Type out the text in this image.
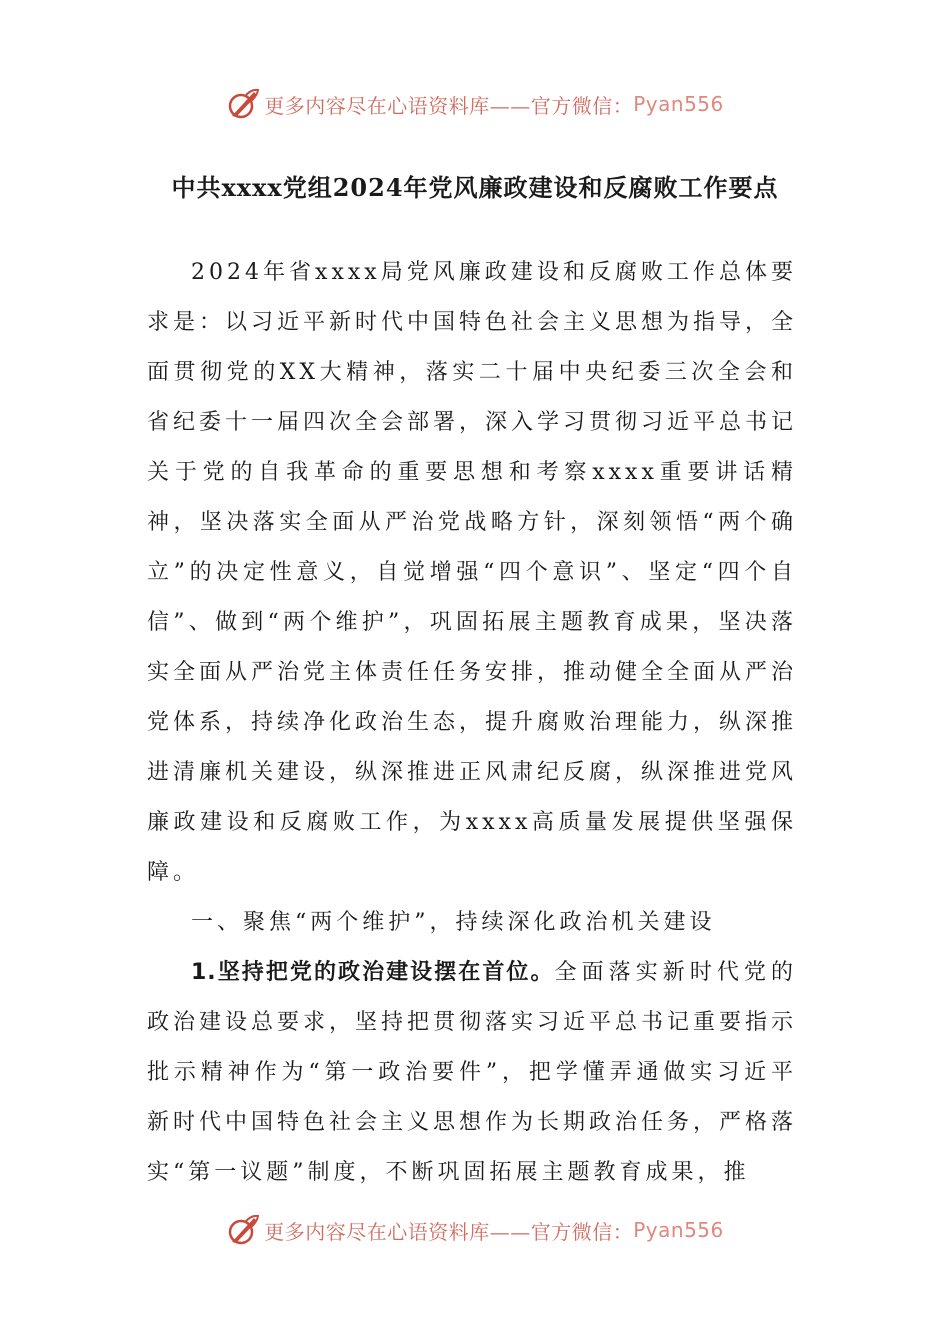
更多内容尽在心语资料库——官方微信： Pyan556
中共xxxx党组2024年党风廉政建设和反腐败工作要点

2024年省xxxx局党风廉政建设和反腐败工作总体要求是：以习近平新时代中国特色社会主义思想为指导，全面贯彻党的XX大精神，落实二十届中央纪委三次全会和省纪委十一届四次全会部署，深入学习贯彻习近平总书记关于党的自我革命的重要思想和考察xxxx重要讲话精神，坚决落实全面从严治党战略方针，深刻领悟“两个确立”的决定性意义，自觉增强“四个意识”、坚定“四个自信”、做到“两个维护”，巩固拓展主题教育成果，坚决落实全面从严治党主体责任任务安排，推动健全全面从严治党体系，持续净化政治生态，提升腐败治理能力，纵深推进清廉机关建设，纵深推进正风肃纪反腐，纵深推进党风廉政建设和反腐败工作，为xxxx高质量发展提供坚强保障。

一、聚焦“两个维护”，持续深化政治机关建设

1.坚持把党的政治建设摆在首位。全面落实新时代党的政治建设总要求，坚持把贯彻落实习近平总书记重要指示批示精神作为“第一政治要件”，把学懂弄通做实习近平新时代中国特色社会主义思想作为长期政治任务，严格落实“第一议题”制度，不断巩固拓展主题教育成果，推

更多内容尽在心语资料库——官方微信： Pyan556
